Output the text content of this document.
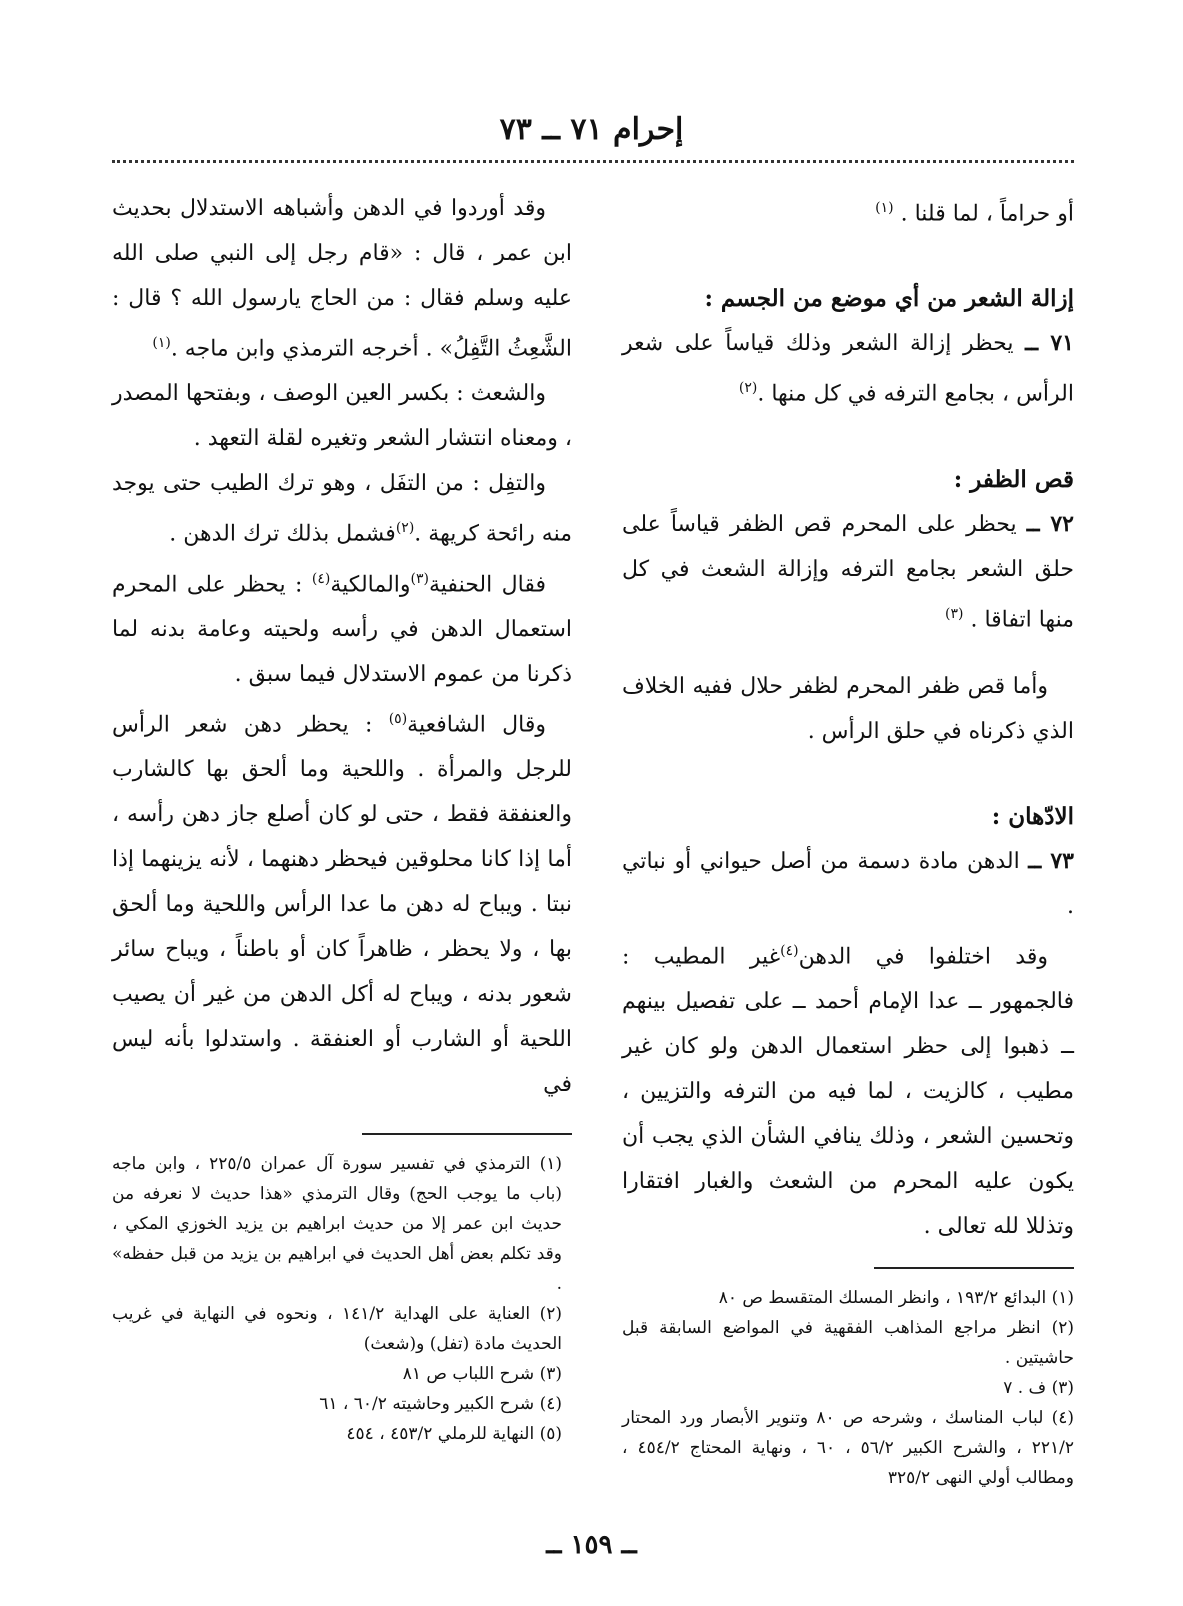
إحرام ٧١ ــ ٧٣

أو حراماً ، لما قلنا . $^{(١)}$

إزالة الشعر من أي موضع من الجسم :

٧١ ــ يحظر إزالة الشعر وذلك قياساً على شعر الرأس ، بجامع الترفه في كل منها .$^{(٢)}$

قص الظفر :

٧٢ ــ يحظر على المحرم قص الظفر قياساً على حلق الشعر بجامع الترفه وإزالة الشعث في كل منها اتفاقا . $^{(٣)}$

وأما قص ظفر المحرم لظفر حلال ففيه الخلاف الذي ذكرناه في حلق الرأس .

الادّهان :

٧٣ ــ الدهن مادة دسمة من أصل حيواني أو نباتي .

وقد اختلفوا في الدهن$^{(٤)}$غير المطيب : فالجمهور ــ عدا الإمام أحمد ــ على تفصيل بينهم ــ ذهبوا إلى حظر استعمال الدهن ولو كان غير مطيب ، كالزيت ، لما فيه من الترفه والتزيين ، وتحسين الشعر ، وذلك ينافي الشأن الذي يجب أن يكون عليه المحرم من الشعث والغبار افتقارا وتذللا لله تعالى .

(١) البدائع ١٩٣/٢ ، وانظر المسلك المتقسط ص ٨٠

(٢) انظر مراجع المذاهب الفقهية في المواضع السابقة قبل حاشيتين .

(٣) ف . ٧

(٤) لباب المناسك ، وشرحه ص ٨٠ وتنوير الأبصار ورد المحتار ٢٢١/٢ ، والشرح الكبير ٥٦/٢ ، ٦٠ ، ونهاية المحتاج ٤٥٤/٢ ، ومطالب أولي النهى ٣٢٥/٢

وقد أوردوا في الدهن وأشباهه الاستدلال بحديث ابن عمر ، قال : «قام رجل إلى النبي صلى الله عليه وسلم فقال : من الحاج يارسول الله ؟ قال : الشَّعِثُ التَّفِلُ» . أخرجه الترمذي وابن ماجه .$^{(١)}$

والشعث : بكسر العين الوصف ، وبفتحها المصدر ، ومعناه انتشار الشعر وتغيره لقلة التعهد .

والتفِل : من التفَل ، وهو ترك الطيب حتى يوجد منه رائحة كريهة .$^{(٢)}$فشمل بذلك ترك الدهن .

فقال الحنفية$^{(٣)}$والمالكية$^{(٤)}$ : يحظر على المحرم استعمال الدهن في رأسه ولحيته وعامة بدنه لما ذكرنا من عموم الاستدلال فيما سبق .

وقال الشافعية$^{(٥)}$ : يحظر دهن شعر الرأس للرجل والمرأة . واللحية وما ألحق بها كالشارب والعنفقة فقط ، حتى لو كان أصلع جاز دهن رأسه ، أما إذا كانا محلوقين فيحظر دهنهما ، لأنه يزينهما إذا نبتا . ويباح له دهن ما عدا الرأس واللحية وما ألحق بها ، ولا يحظر ، ظاهراً كان أو باطناً ، ويباح سائر شعور بدنه ، ويباح له أكل الدهن من غير أن يصيب اللحية أو الشارب أو العنفقة . واستدلوا بأنه ليس في

(١) الترمذي في تفسير سورة آل عمران ٢٢٥/٥ ، وابن ماجه (باب ما يوجب الحج) وقال الترمذي «هذا حديث لا نعرفه من حديث ابن عمر إلا من حديث ابراهيم بن يزيد الخوزي المكي ، وقد تكلم بعض أهل الحديث في ابراهيم بن يزيد من قبل حفظه» .

(٢) العناية على الهداية ١٤١/٢ ، ونحوه في النهاية في غريب الحديث مادة (تفل) و(شعث)

(٣) شرح اللباب ص ٨١

(٤) شرح الكبير وحاشيته ٦٠/٢ ، ٦١

(٥) النهاية للرملي ٤٥٣/٢ ، ٤٥٤

ــ ١٥٩ ــ
